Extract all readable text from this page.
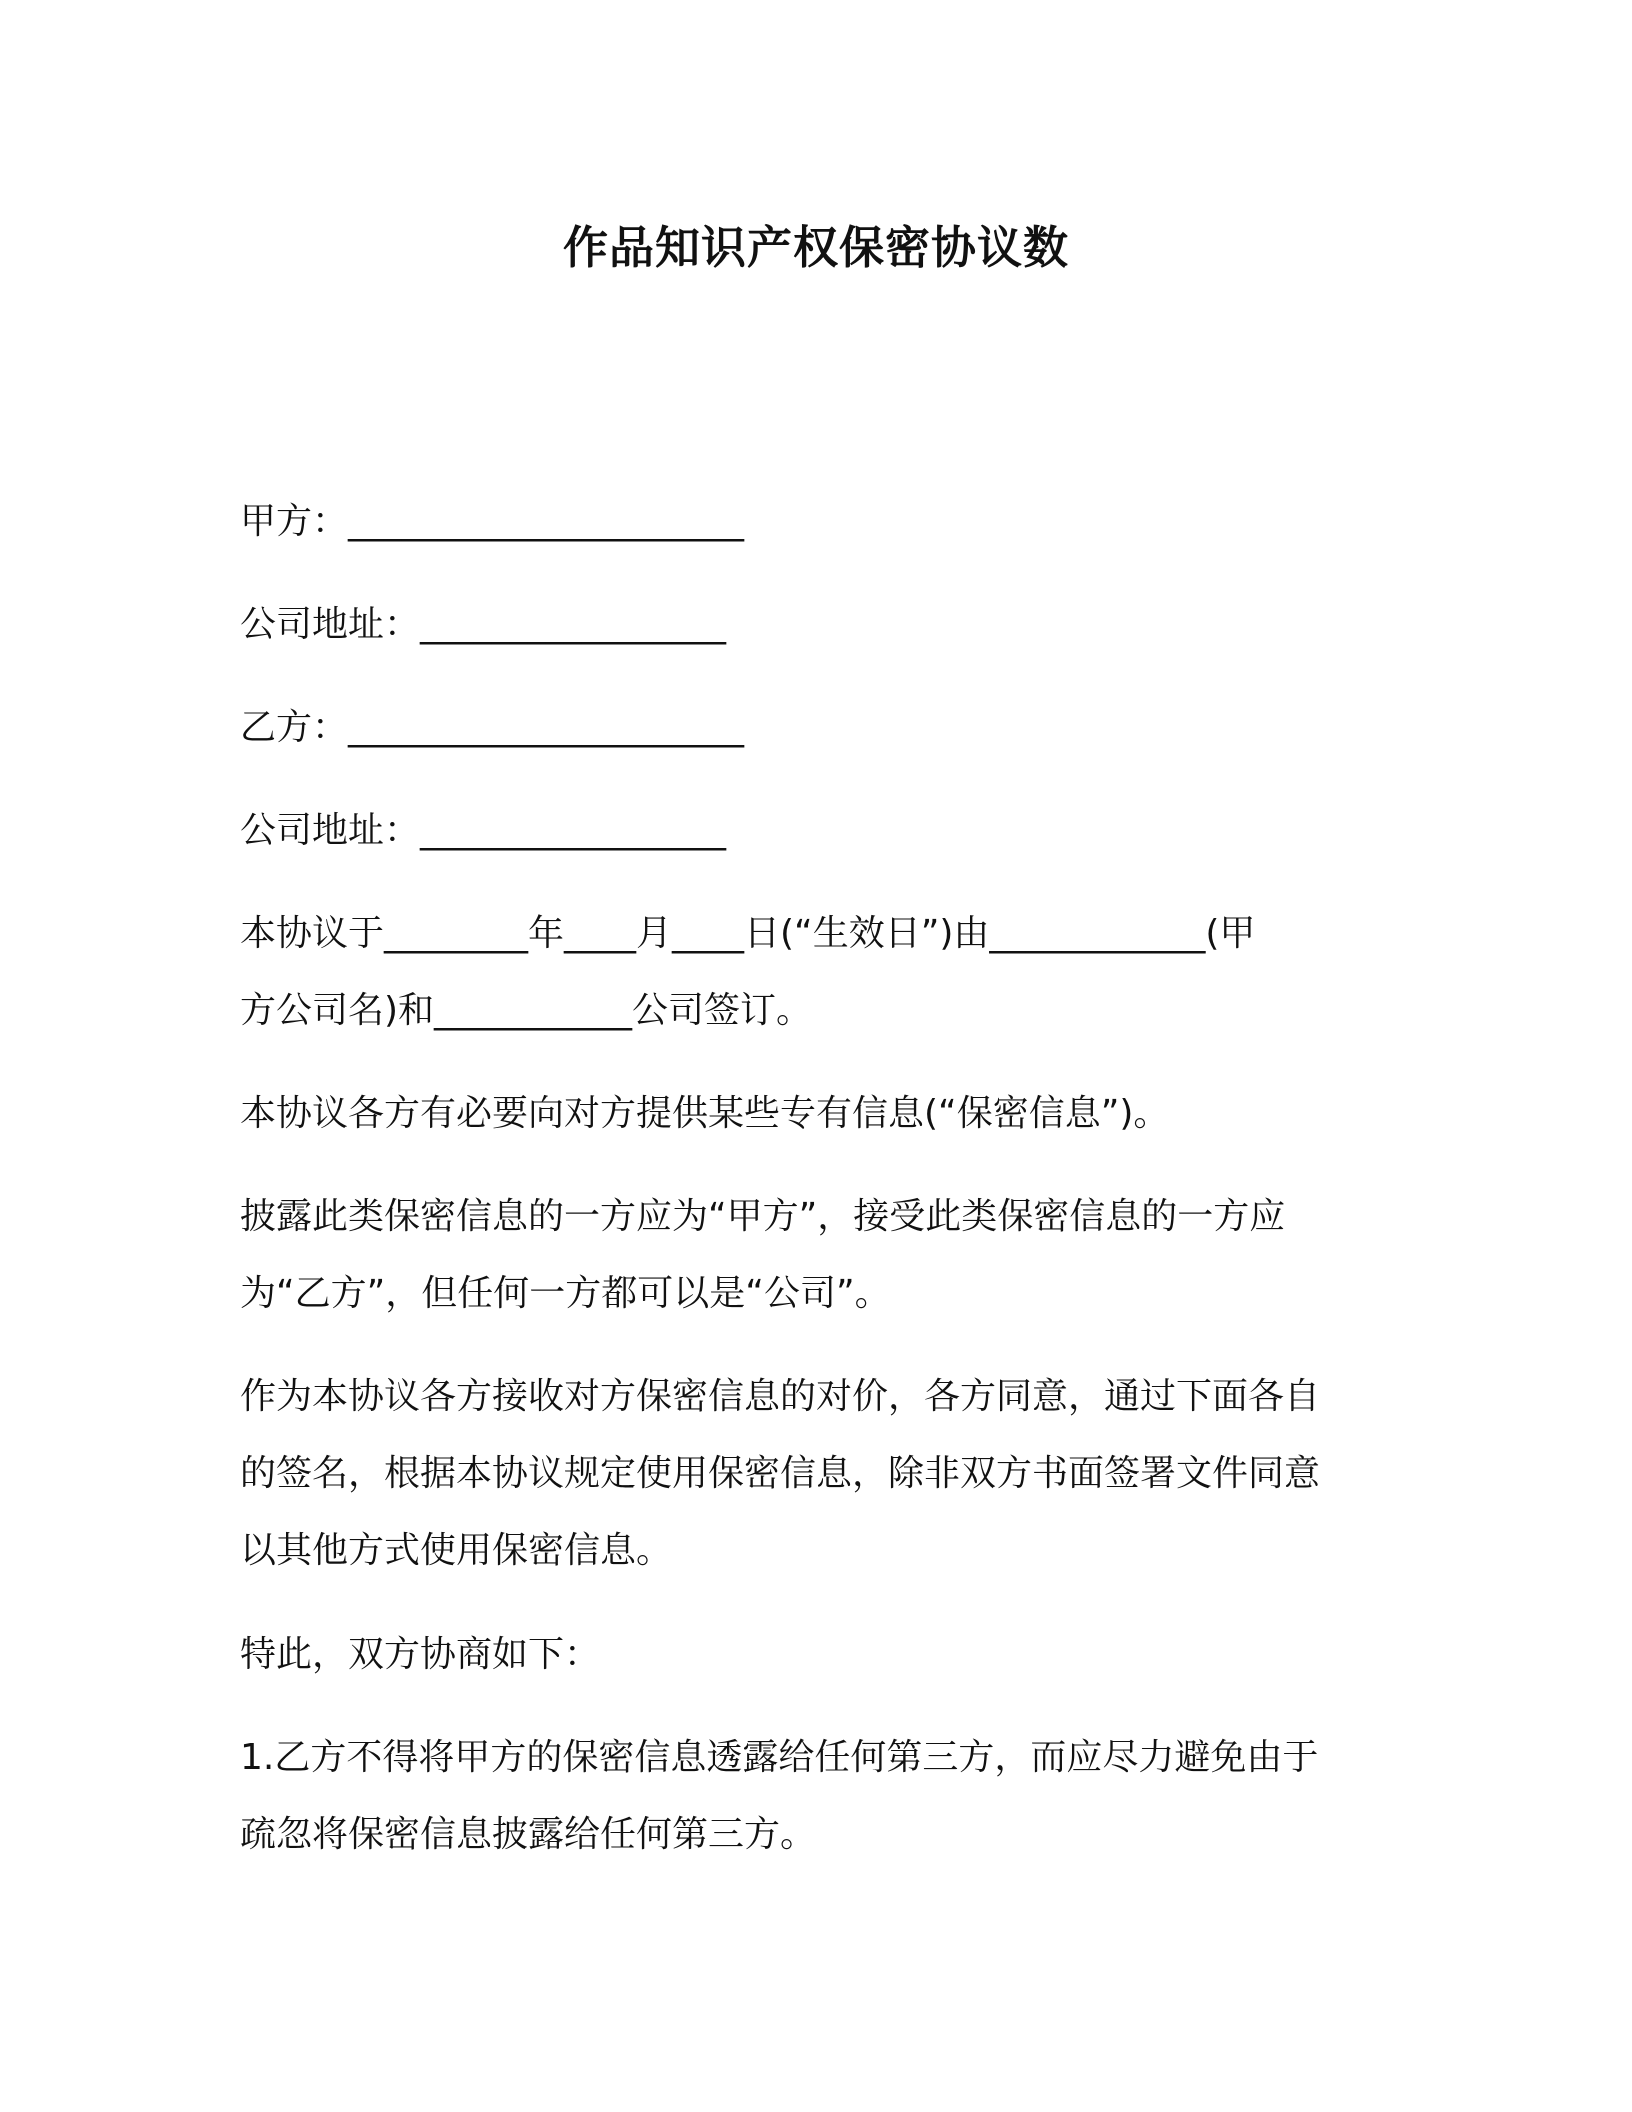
作品知识产权保密协议数
甲方：______________________
公司地址：_________________
乙方：______________________
公司地址：_________________
本协议于________年____月____日(“生效日”)由____________(甲
方公司名)和___________公司签订。
本协议各方有必要向对方提供某些专有信息(“保密信息”)。
披露此类保密信息的一方应为“甲方”，接受此类保密信息的一方应
为“乙方”，但任何一方都可以是“公司”。
作为本协议各方接收对方保密信息的对价，各方同意，通过下面各自
的签名，根据本协议规定使用保密信息，除非双方书面签署文件同意
以其他方式使用保密信息。
特此，双方协商如下：
1.乙方不得将甲方的保密信息透露给任何第三方，而应尽力避免由于
疏忽将保密信息披露给任何第三方。
